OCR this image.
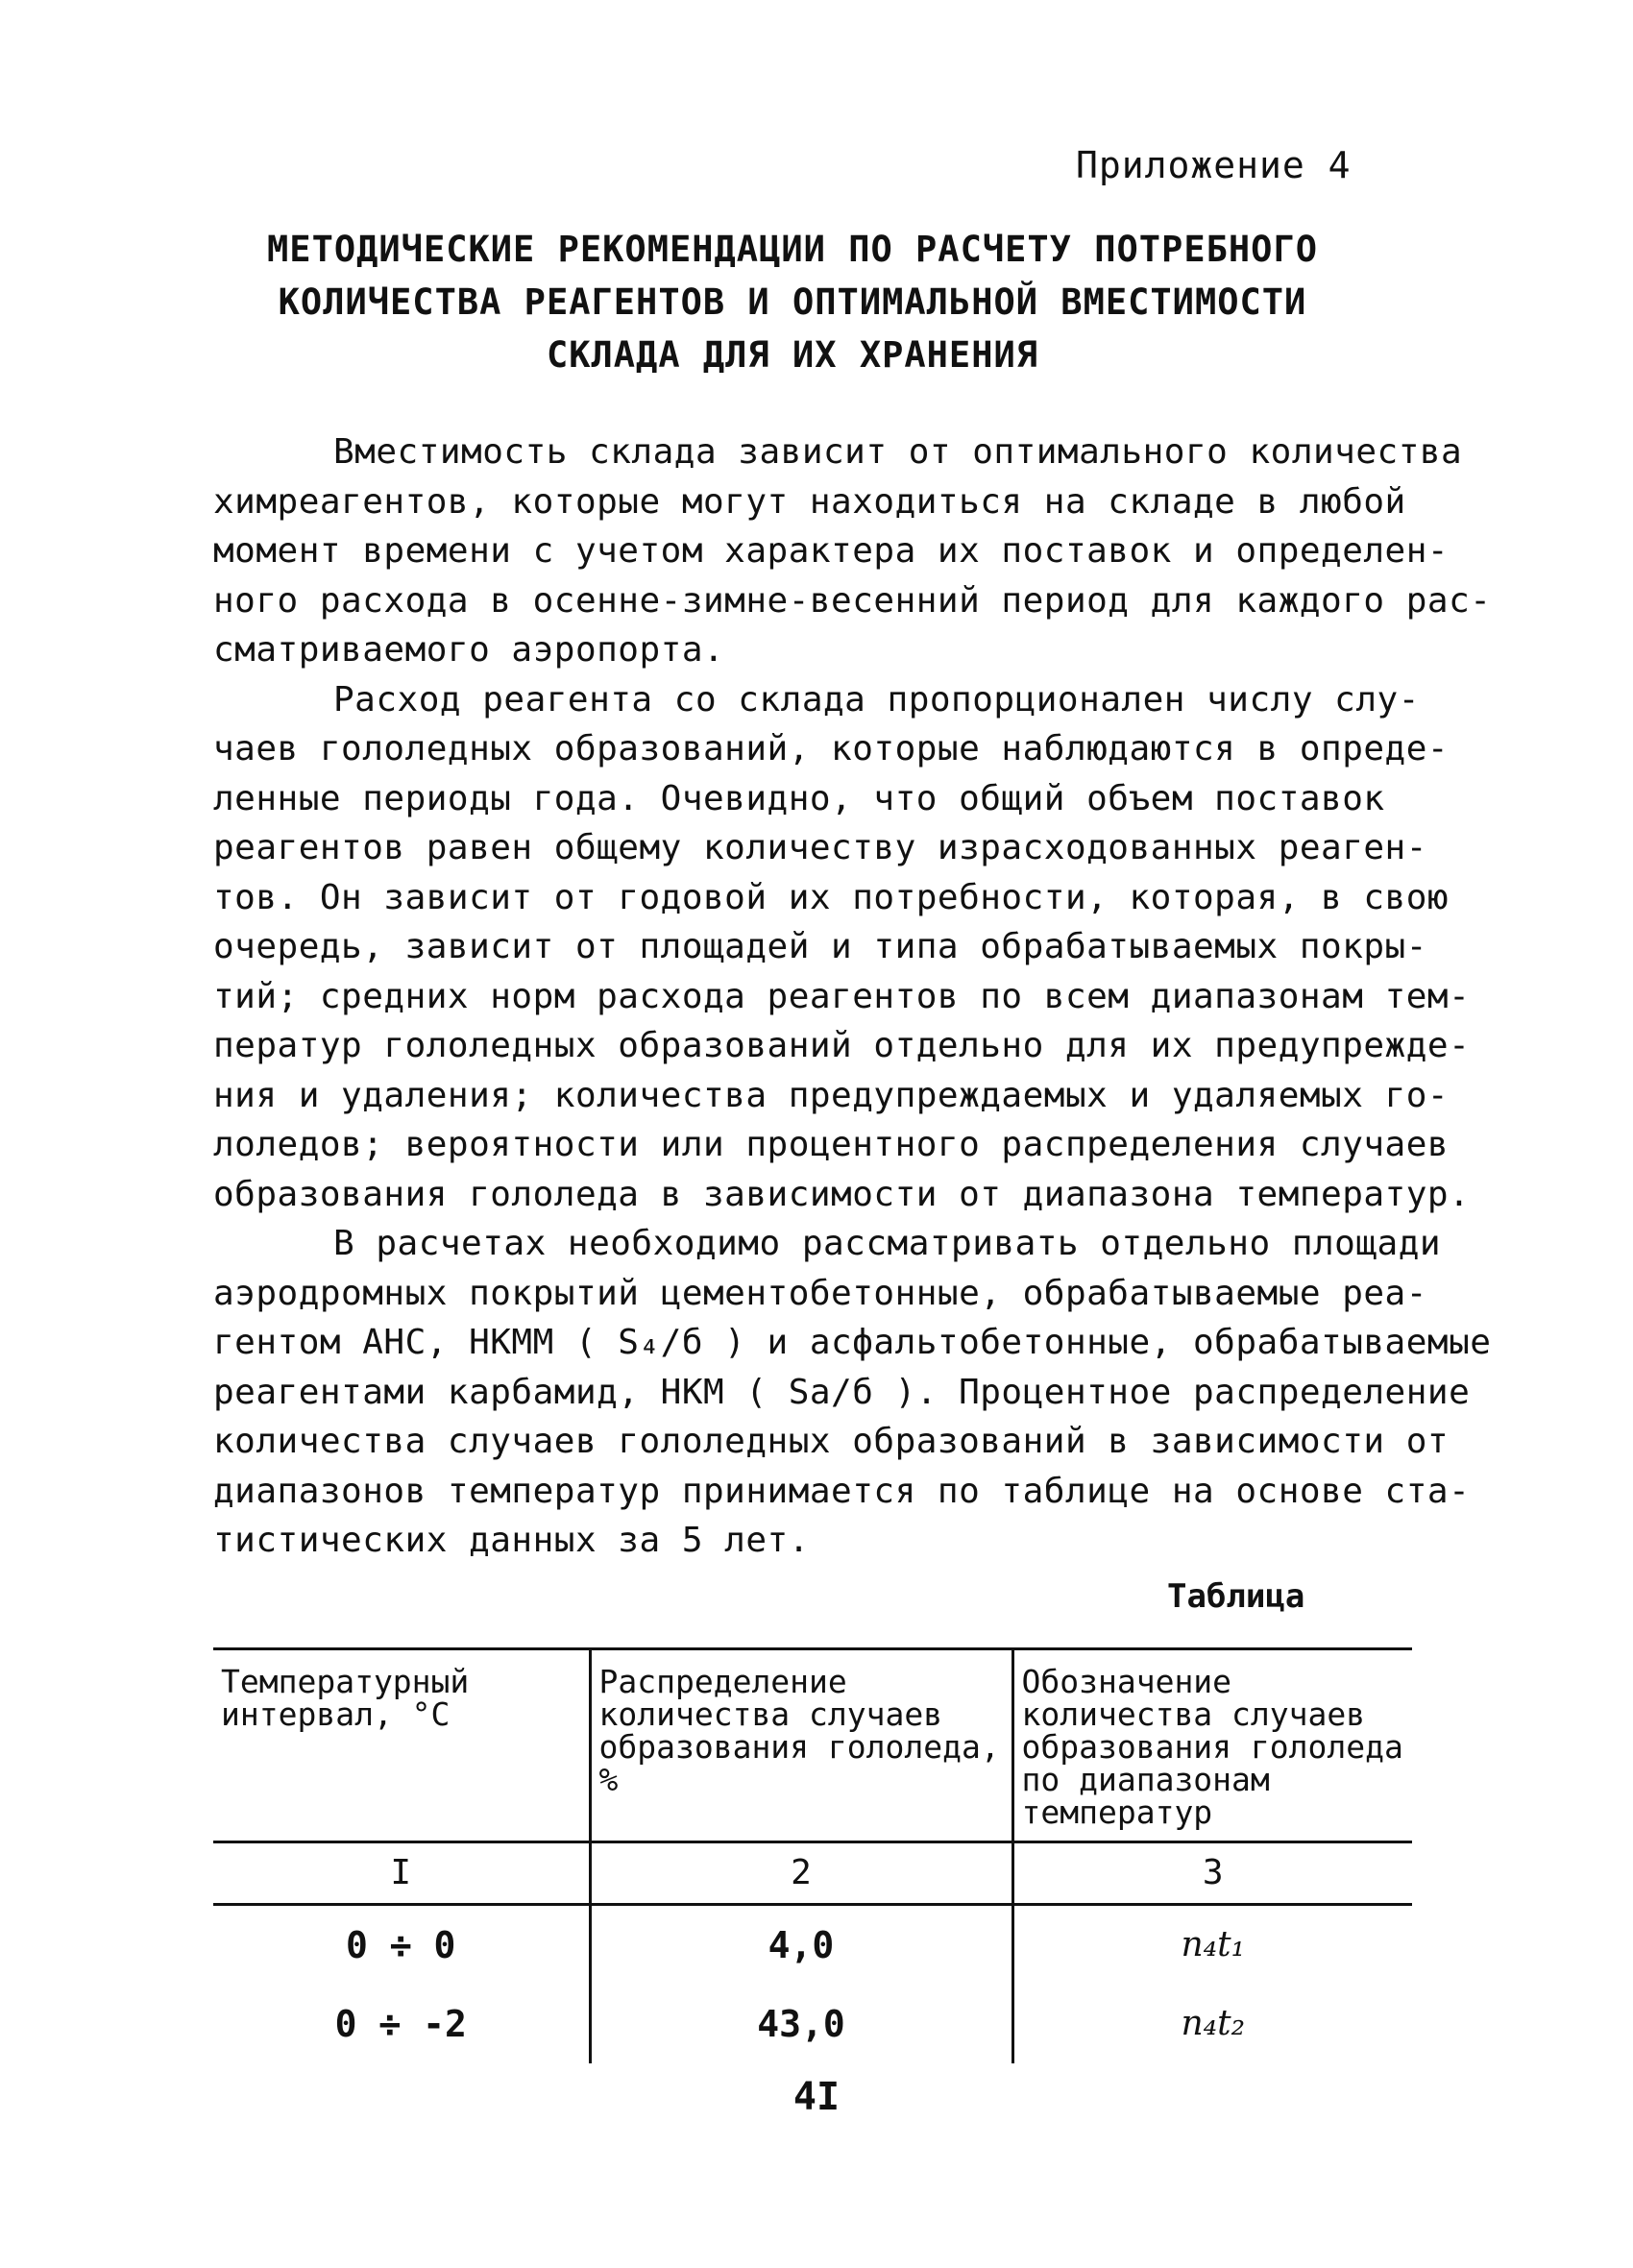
Приложение 4
МЕТОДИЧЕСКИЕ РЕКОМЕНДАЦИИ ПО РАСЧЕТУ ПОТРЕБНОГО
КОЛИЧЕСТВА РЕАГЕНТОВ И ОПТИМАЛЬНОЙ ВМЕСТИМОСТИ
СКЛАДА ДЛЯ ИХ ХРАНЕНИЯ

Вместимость склада зависит от оптимального количества
химреагентов, которые могут находиться на складе в любой
момент времени с учетом характера их поставок и определен-
ного расхода в осенне-зимне-весенний период для каждого рас-
сматриваемого аэропорта.

Расход реагента со склада пропорционален числу слу-
чаев гололедных образований, которые наблюдаются в опреде-
ленные периоды года. Очевидно, что общий объем поставок
реагентов равен общему количеству израсходованных реаген-
тов. Он зависит от годовой их потребности, которая, в свою
очередь, зависит от площадей и типа обрабатываемых покры-
тий; средних норм расхода реагентов по всем диапазонам тем-
ператур гололедных образований отдельно для их предупрежде-
ния и удаления; количества предупреждаемых и удаляемых го-
лоледов; вероятности или процентного распределения случаев
образования гололеда в зависимости от диапазона температур.

В расчетах необходимо рассматривать отдельно площади
аэродромных покрытий цементобетонные, обрабатываемые реа-
гентом АНС, НКММ ( S₄/б ) и асфальтобетонные, обрабатываемые
реагентами карбамид, НКМ ( Sа/б ). Процентное распределение
количества случаев гололедных образований в зависимости от
диапазонов температур принимается по таблице на основе ста-
тистических данных за 5 лет.

Таблица
Температурный интервал, °С	Распределение количества случаев образования гололеда, %	Обозначение количества случаев образования гололеда по диапазонам температур
I	2	3
0 ÷ 0	4,0	n₄t₁
0 ÷ -2	43,0	n₄t₂
4I
